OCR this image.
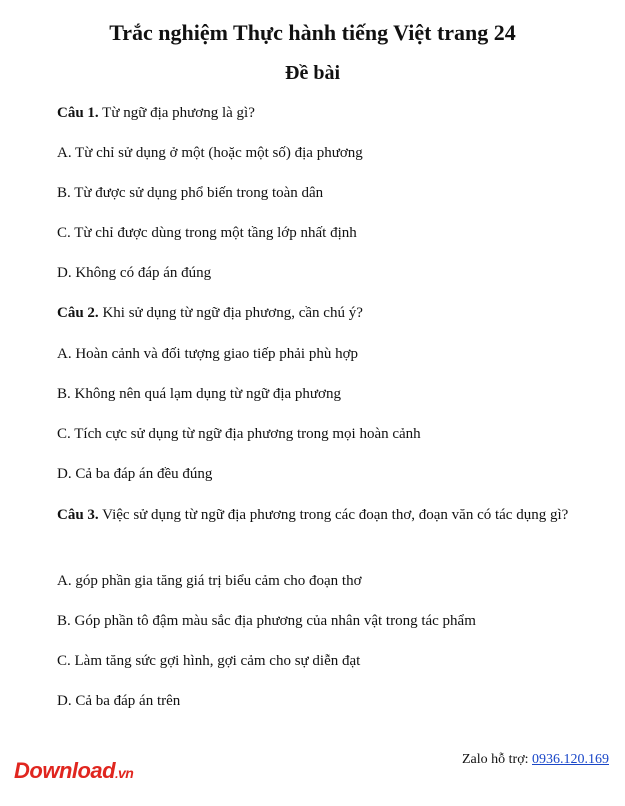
Trắc nghiệm Thực hành tiếng Việt trang 24
Đề bài
Câu 1. Từ ngữ địa phương là gì?
A. Từ chỉ sử dụng ở một (hoặc một số) địa phương
B. Từ được sử dụng phổ biến trong toàn dân
C. Từ chỉ được dùng trong một tầng lớp nhất định
D. Không có đáp án đúng
Câu 2. Khi sử dụng từ ngữ địa phương, cần chú ý?
A. Hoàn cảnh và đối tượng giao tiếp phải phù hợp
B. Không nên quá lạm dụng từ ngữ địa phương
C. Tích cực sử dụng từ ngữ địa phương trong mọi hoàn cảnh
D. Cả ba đáp án đều đúng
Câu 3. Việc sử dụng từ ngữ địa phương trong các đoạn thơ, đoạn văn có tác dụng gì?
A. góp phần gia tăng giá trị biểu cảm cho đoạn thơ
B. Góp phần tô đậm màu sắc địa phương của nhân vật trong tác phẩm
C. Làm tăng sức gợi hình, gợi cảm cho sự diễn đạt
D. Cả ba đáp án trên
Download.vn
Zalo hỗ trợ: 0936.120.169
